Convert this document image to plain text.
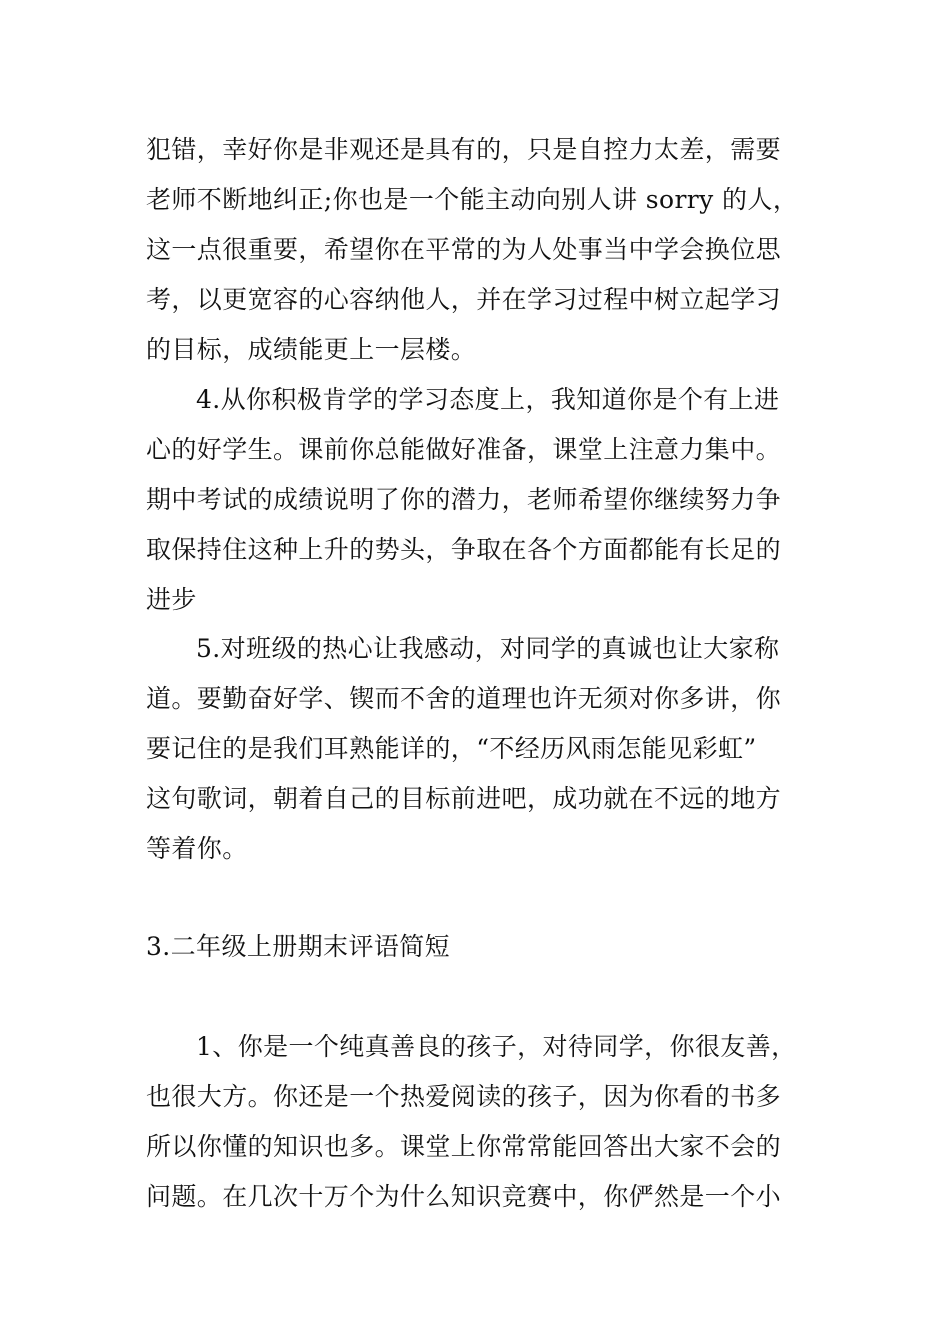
犯错，幸好你是非观还是具有的，只是自控力太差，需要
老师不断地纠正;你也是一个能主动向别人讲 sorry 的人，
这一点很重要，希望你在平常的为人处事当中学会换位思
考，以更宽容的心容纳他人，并在学习过程中树立起学习
的目标，成绩能更上一层楼。
4.从你积极肯学的学习态度上，我知道你是个有上进
心的好学生。课前你总能做好准备，课堂上注意力集中。
期中考试的成绩说明了你的潜力，老师希望你继续努力争
取保持住这种上升的势头，争取在各个方面都能有长足的
进步
5.对班级的热心让我感动，对同学的真诚也让大家称
道。要勤奋好学、锲而不舍的道理也许无须对你多讲，你
要记住的是我们耳熟能详的，“不经历风雨怎能见彩虹”
这句歌词，朝着自己的目标前进吧，成功就在不远的地方
等着你。
3.二年级上册期末评语简短
1、你是一个纯真善良的孩子，对待同学，你很友善，
也很大方。你还是一个热爱阅读的孩子，因为你看的书多
所以你懂的知识也多。课堂上你常常能回答出大家不会的
问题。在几次十万个为什么知识竞赛中，你俨然是一个小
